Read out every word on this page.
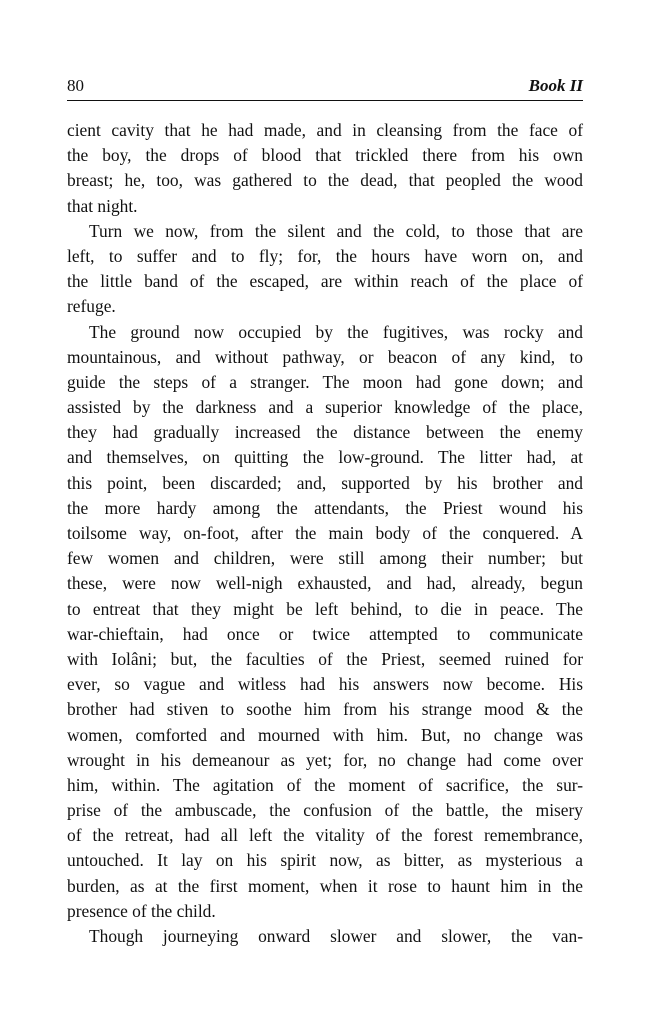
80	Book II
cient cavity that he had made, and in cleansing from the face of
the boy, the drops of blood that trickled there from his own
breast; he, too, was gathered to the dead, that peopled the wood
that night.
Turn we now, from the silent and the cold, to those that are
left, to suffer and to fly; for, the hours have worn on, and
the little band of the escaped, are within reach of the place of
refuge.
The ground now occupied by the fugitives, was rocky and
mountainous, and without pathway, or beacon of any kind, to
guide the steps of a stranger. The moon had gone down; and
assisted by the darkness and a superior knowledge of the place,
they had gradually increased the distance between the enemy
and themselves, on quitting the low-ground. The litter had, at
this point, been discarded; and, supported by his brother and
the more hardy among the attendants, the Priest wound his
toilsome way, on-foot, after the main body of the conquered. A
few women and children, were still among their number; but
these, were now well-nigh exhausted, and had, already, begun
to entreat that they might be left behind, to die in peace. The
war-chieftain, had once or twice attempted to communicate
with Iolâni; but, the faculties of the Priest, seemed ruined for
ever, so vague and witless had his answers now become. His
brother had stiven to soothe him from his strange mood & the
women, comforted and mourned with him. But, no change was
wrought in his demeanour as yet; for, no change had come over
him, within. The agitation of the moment of sacrifice, the sur-
prise of the ambuscade, the confusion of the battle, the misery
of the retreat, had all left the vitality of the forest remembrance,
untouched. It lay on his spirit now, as bitter, as mysterious a
burden, as at the first moment, when it rose to haunt him in the
presence of the child.
Though journeying onward slower and slower, the van-
